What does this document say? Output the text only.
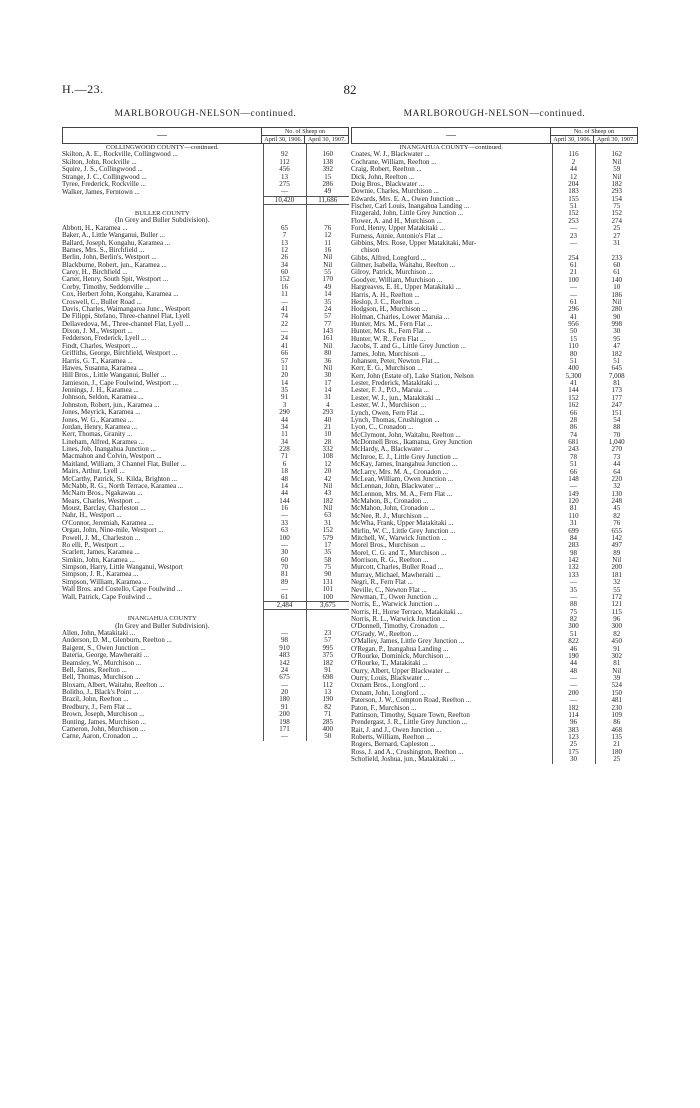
H.—23.	82
MARLBOROUGH-NELSON—continued.
—	No. of Sheep on	
	April 30, 1906.	April 30, 1907.
COLLINGWOOD COUNTY—continued.		
Skilton, A. E., Rockville, Collingwood ...	92	160
Skilton, John, Rockville ...	112	138
Squire, J. S., Collingwood ...	456	392
Strange, J. C., Collingwood ...	13	15
Tyree, Frederick, Rockville ...	275	286
Walker, James, Ferntown ...	—	49
	10,420	11,686

BULLER COUNTY		
(In Grey and Buller Subdivision).		
Abbott, H., Karamea ...	65	76
Baker, A., Little Wanganui, Buller ...	7	12
Ballard, Joseph, Kongahu, Karamea ...	13	11
Barnes, Mrs. S., Birchfield ...	12	16
Berlin, John, Berlin's, Westport ...	26	Nil
Blackburne, Robert, jun., Karamea ...	34	Nil
Carey, H., Birchfield ...	60	55
Carter, Henry, South Spit, Westport ...	152	170
Corby, Timothy, Seddonville ...	16	49
Cox, Herbert John, Kongahu, Karamea ...	11	14
Croswell, C., Buller Road ...	—	35
Davis, Charles, Waimangaroa Junc., Westport	41	24
De Filippi, Stefano, Three-channel Flat, Lyell	74	57
Dellavedova, M., Three-channel Flat, Lyell ...	22	77
Dixon, J. M., Westport ...	—	143
Fedderson, Frederick, Lyell ...	24	161
Findt, Charles, Westport ...	41	Nil
Griffiths, George, Birchfield, Westport ...	66	80
Harris, G. T., Karamea ...	57	36
Hawes, Susanna, Karamea ...	11	Nil
Hill Bros., Little Wanganui, Buller ...	20	30
Jamieson, J., Cape Foulwind, Westport ...	14	17
Jennings, J. H., Karamea ...	35	14
Johnson, Seldon, Karamea ...	91	31
Johnston, Robert, jun., Karamea ...	3	4
Jones, Meyrick, Karamea ...	290	293
Jones, W. G., Karamea ...	44	40
Jordan, Henry, Karamea ...	34	21
Kerr, Thomas, Granity ...	11	10
Lineham, Alfred, Karamea ...	34	28
Lines, Job, Inangahua Junction ...	228	332
Macmahon and Colvin, Westport ...	71	108
Maitland, William, 3 Channel Flat, Buller ...	6	12
Mairs, Arthur, Lyell ...	18	20
McCarthy, Patrick, St. Kilda, Brighton ...	48	42
McNabb, R. G., North Terrace, Karamea ...	14	Nil
McNarn Bros., Ngakawau ...	44	43
Mears, Charles, Westport ...	144	182
Moust, Barclay, Charleston ...	16	Nil
Nahr, H., Westport ...	—	63
O'Connor, Jeremiah, Karamea ...	33	31
Organ, John, Nine-mile, Westport ...	63	152
Powell, J. M., Charleston ...	100	579
Ro elli, P., Westport ...	—	17
Scarlett, James, Karamea ...	30	35
Simkin, John, Karamea ...	60	58
Simpson, Harry, Little Wanganui, Westport	70	75
Simpson, J. R., Karamea ...	81	90
Simpson, William, Karamea ...	89	131
Wall Bros. and Costello, Cape Foulwind ...	—	101
Wall, Patrick, Cape Foulwind ...	61	100
	2,484	3,675

INANGAHUA COUNTY		
(In Grey and Buller Subdivision).		
Allen, John, Matakitaki ...	—	23
Anderson, D. M., Glenburn, Reefton ...	98	57
Baigent, S., Owen Junction ...	910	995
Bateria, George, Mawheraiti ...	483	375
Beamsley, W., Murchison ...	142	182
Bell, James, Reefton ...	24	91
Bell, Thomas, Murchison ...	675	698
Bloxam, Albert, Waitahu, Reefton ...	—	112
Bolitho, J., Black's Point ...	20	13
Brazil, John, Reefton ...	180	190
Bredbury, J., Fern Flat ...	91	82
Brown, Joseph, Murchison ...	200	71
Bunting, James, Murchison ...	198	285
Cameron, John, Murchison ...	171	400
Carne, Aaron, Cronadon ...	—	50
MARLBOROUGH-NELSON—continued.
—	No. of Sheep on	
	April 30, 1906.	April 30, 1907.
INANGAHUA COUNTY—continued.		
Coates, W. J., Blackwater ...	116	162
Cochrane, William, Reefton ...	2	Nil
Craig, Robert, Reefton ...	44	59
Dick, John, Reefton ...	12	Nil
Doig Bros., Blackwater ...	204	182
Downie, Charles, Murchison ...	183	293
Edwards, Mrs. E. A., Owen Junction ...	155	154
Fischer, Carl Louis, Inangahua Landing ...	51	75
Fitzgerald, John, Little Grey Junction ...	152	152
Flower, A. and H., Murchison ...	253	274
Ford, Henry, Upper Matakitaki ...	—	25
Furness, Annie, Antonio's Flat ...	23	27
Gibbins, Mrs. Rose, Upper Matakitaki, Mur-	—	31
chison		
Gibbs, Alfred, Longford ...	254	233
Gilmer, Isabella, Waitahu, Reefton ...	61	60
Gilroy, Patrick, Murchison ...	21	61
Goodyer, William, Murchison ...	100	140
Hargreaves, E. H., Upper Matakitaki ...	—	10
Harris, A. H., Reefton ...	—	186
Heslop, J. C., Reefton ...	61	Nil
Hodgson, H., Murchison ...	296	280
Holman, Charles, Lower Maruia ...	41	90
Hunter, Mrs. M., Fern Flat ...	956	998
Hunter, Mrs. R., Fern Flat ...	50	30
Hunter, W. R., Fern Flat ...	15	95
Jacobs, T. and G., Little Grey Junction ...	110	47
James, John, Murchison ...	80	182
Johansen, Peter, Newton Flat ...	51	51
Kerr, E. G., Murchison ...	400	645
Kerr, John (Estate of), Lake Station, Nelson	5,300	7,008
Lester, Frederick, Matakitaki ...	41	81
Lester, F. J., P.O., Maruia ...	144	173
Lester, W. J., jun., Matakitaki ...	152	177
Lester, W. J., Murchison ...	162	247
Lynch, Owen, Fern Flat ...	66	151
Lynch, Thomas, Crushington ...	28	54
Lyon, C., Cronadon ...	86	88
McClymont, John, Waitahu, Reefton ...	74	70
McDonnell Bros., Ikamatua, Grey Junction	681	1,040
McHardy, A., Blackwater ...	243	270
McInroe, E. J., Little Grey Junction ...	78	73
McKay, James, Inangahua Junction ...	51	44
McLarry, Mrs. M. A., Cronadon ...	66	64
McLean, William, Owen Junction ...	148	220
McLennan, John, Blackwater ...	—	32
McLennon, Mrs. M. A., Fern Flat ...	149	130
McMahon, B., Cronadon ...	120	248
McMahon, John, Cronadon ...	81	45
McNee, R. J., Murchison ...	110	82
McWha, Frank, Upper Matakitaki ...	31	76
Mirfin, W. C., Little Grey Junction ...	699	655
Mitchell, W., Warwick Junction ...	84	142
Morel Bros., Murchison ...	283	497
Morel, C. G. and T., Murchison ...	98	89
Morrison, R. G., Reefton ...	142	Nil
Murcott, Charles, Buller Road ...	132	200
Murray, Michael, Mawheraiti ...	133	181
Negri, R., Fern Flat ...	—	32
Neville, C., Newton Flat ...	35	55
Newman, T., Owen Junction ...	—	172
Norris, E., Warwick Junction ...	88	121
Norris, H., Horse Terrace, Matakitaki ...	75	115
Norris, R. L., Warwick Junction ...	82	96
O'Donnell, Timothy, Cronadon ...	300	300
O'Grady, W., Reefton ...	51	82
O'Malley, James, Little Grey Junction ...	822	450
O'Regan, P., Inangahua Landing ...	46	91
O'Rourke, Dominick, Murchison ...	190	302
O'Rourke, T., Matakitaki ...	44	81
Ourry, Albert, Upper Blackwater ...	48	Nil
Ourry, Louis, Blackwater ...	—	39
Oxnam Bros., Longford ...	—	524
Oxnam, John, Longford ...	200	150
Paterson, J. W., Compton Road, Reefton ...	—	481
Paton, F., Murchison ...	182	230
Pattinson, Timothy, Square Town, Reefton	114	109
Prendergast, J. R., Little Grey Junction ...	96	86
Rait, J. and J., Owen Junction ...	383	468
Roberts, William, Reefton ...	123	135
Rogers, Bernard, Capleston ...	25	21
Ross, J. and A., Crushington, Reefton ...	175	180
Schofield, Joshua, jun., Matakitaki ...	30	25
